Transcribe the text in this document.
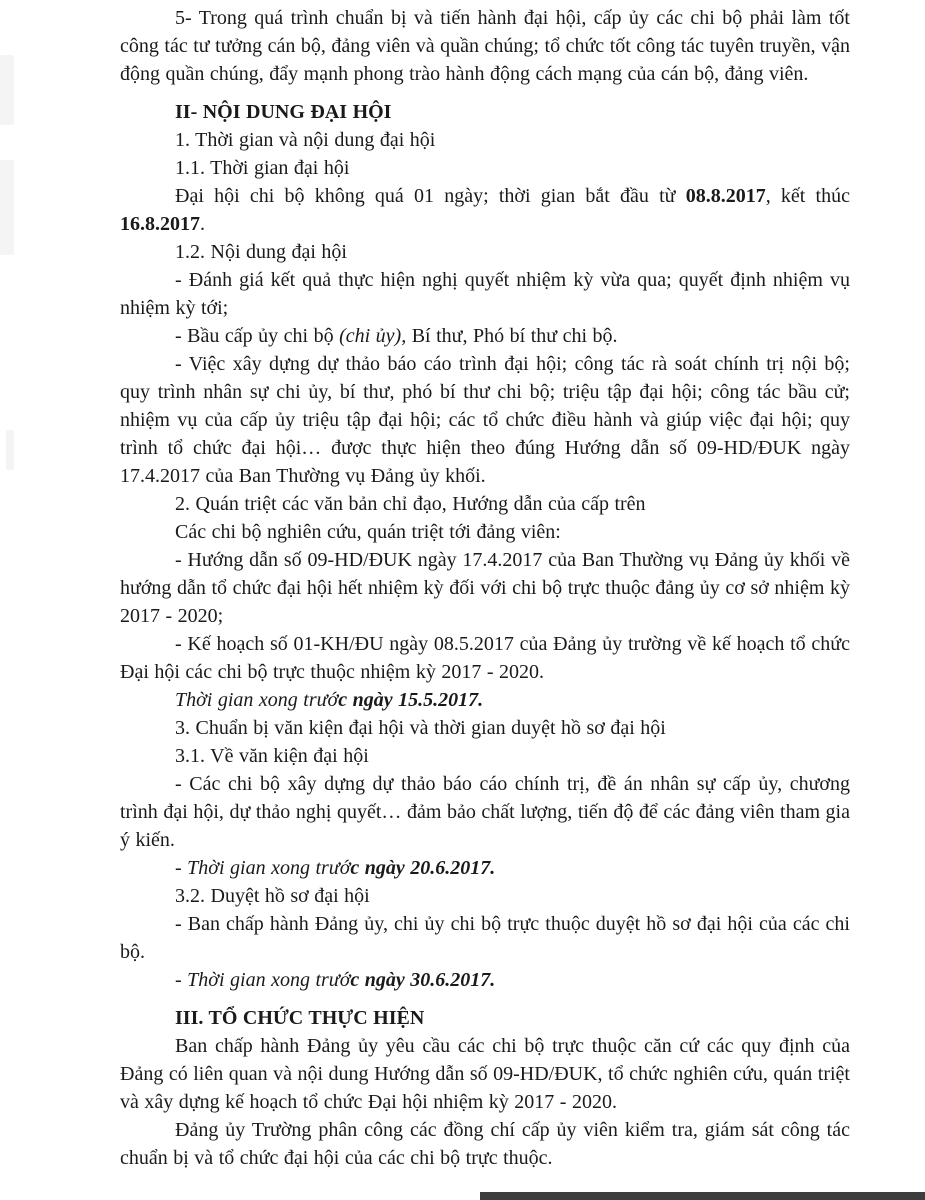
5- Trong quá trình chuẩn bị và tiến hành đại hội, cấp ủy các chi bộ phải làm tốt công tác tư tưởng cán bộ, đảng viên và quần chúng; tổ chức tốt công tác tuyên truyền, vận động quần chúng, đẩy mạnh phong trào hành động cách mạng của cán bộ, đảng viên.

II- NỘI DUNG ĐẠI HỘI

1. Thời gian và nội dung đại hội

1.1. Thời gian đại hội

Đại hội chi bộ không quá 01 ngày; thời gian bắt đầu từ 08.8.2017, kết thúc 16.8.2017.

1.2. Nội dung đại hội

- Đánh giá kết quả thực hiện nghị quyết nhiệm kỳ vừa qua; quyết định nhiệm vụ nhiệm kỳ tới;

- Bầu cấp ủy chi bộ (chi ủy), Bí thư, Phó bí thư chi bộ.

- Việc xây dựng dự thảo báo cáo trình đại hội; công tác rà soát chính trị nội bộ; quy trình nhân sự chi ủy, bí thư, phó bí thư chi bộ; triệu tập đại hội; công tác bầu cử; nhiệm vụ của cấp ủy triệu tập đại hội; các tổ chức điều hành và giúp việc đại hội; quy trình tổ chức đại hội… được thực hiện theo đúng Hướng dẫn số 09-HD/ĐUK ngày 17.4.2017 của Ban Thường vụ Đảng ủy khối.

2. Quán triệt các văn bản chỉ đạo, Hướng dẫn của cấp trên

Các chi bộ nghiên cứu, quán triệt tới đảng viên:

- Hướng dẫn số 09-HD/ĐUK ngày 17.4.2017 của Ban Thường vụ Đảng ủy khối về hướng dẫn tổ chức đại hội hết nhiệm kỳ đối với chi bộ trực thuộc đảng ủy cơ sở nhiệm kỳ 2017 - 2020;

- Kế hoạch số 01-KH/ĐU ngày 08.5.2017 của Đảng ủy trường về kế hoạch tổ chức Đại hội các chi bộ trực thuộc nhiệm kỳ 2017 - 2020.

Thời gian xong trước ngày 15.5.2017.

3. Chuẩn bị văn kiện đại hội và thời gian duyệt hồ sơ đại hội

3.1. Về văn kiện đại hội

- Các chi bộ xây dựng dự thảo báo cáo chính trị, đề án nhân sự cấp ủy, chương trình đại hội, dự thảo nghị quyết… đảm bảo chất lượng, tiến độ để các đảng viên tham gia ý kiến.

- Thời gian xong trước ngày 20.6.2017.

3.2. Duyệt hồ sơ đại hội

- Ban chấp hành Đảng ủy, chi ủy chi bộ trực thuộc duyệt hồ sơ đại hội của các chi bộ.

- Thời gian xong trước ngày 30.6.2017.

III. TỔ CHỨC THỰC HIỆN

Ban chấp hành Đảng ủy yêu cầu các chi bộ trực thuộc căn cứ các quy định của Đảng có liên quan và nội dung Hướng dẫn số 09-HD/ĐUK, tổ chức nghiên cứu, quán triệt và xây dựng kế hoạch tổ chức Đại hội nhiệm kỳ 2017 - 2020.

Đảng ủy Trường phân công các đồng chí cấp ủy viên kiểm tra, giám sát công tác chuẩn bị và tổ chức đại hội của các chi bộ trực thuộc.
